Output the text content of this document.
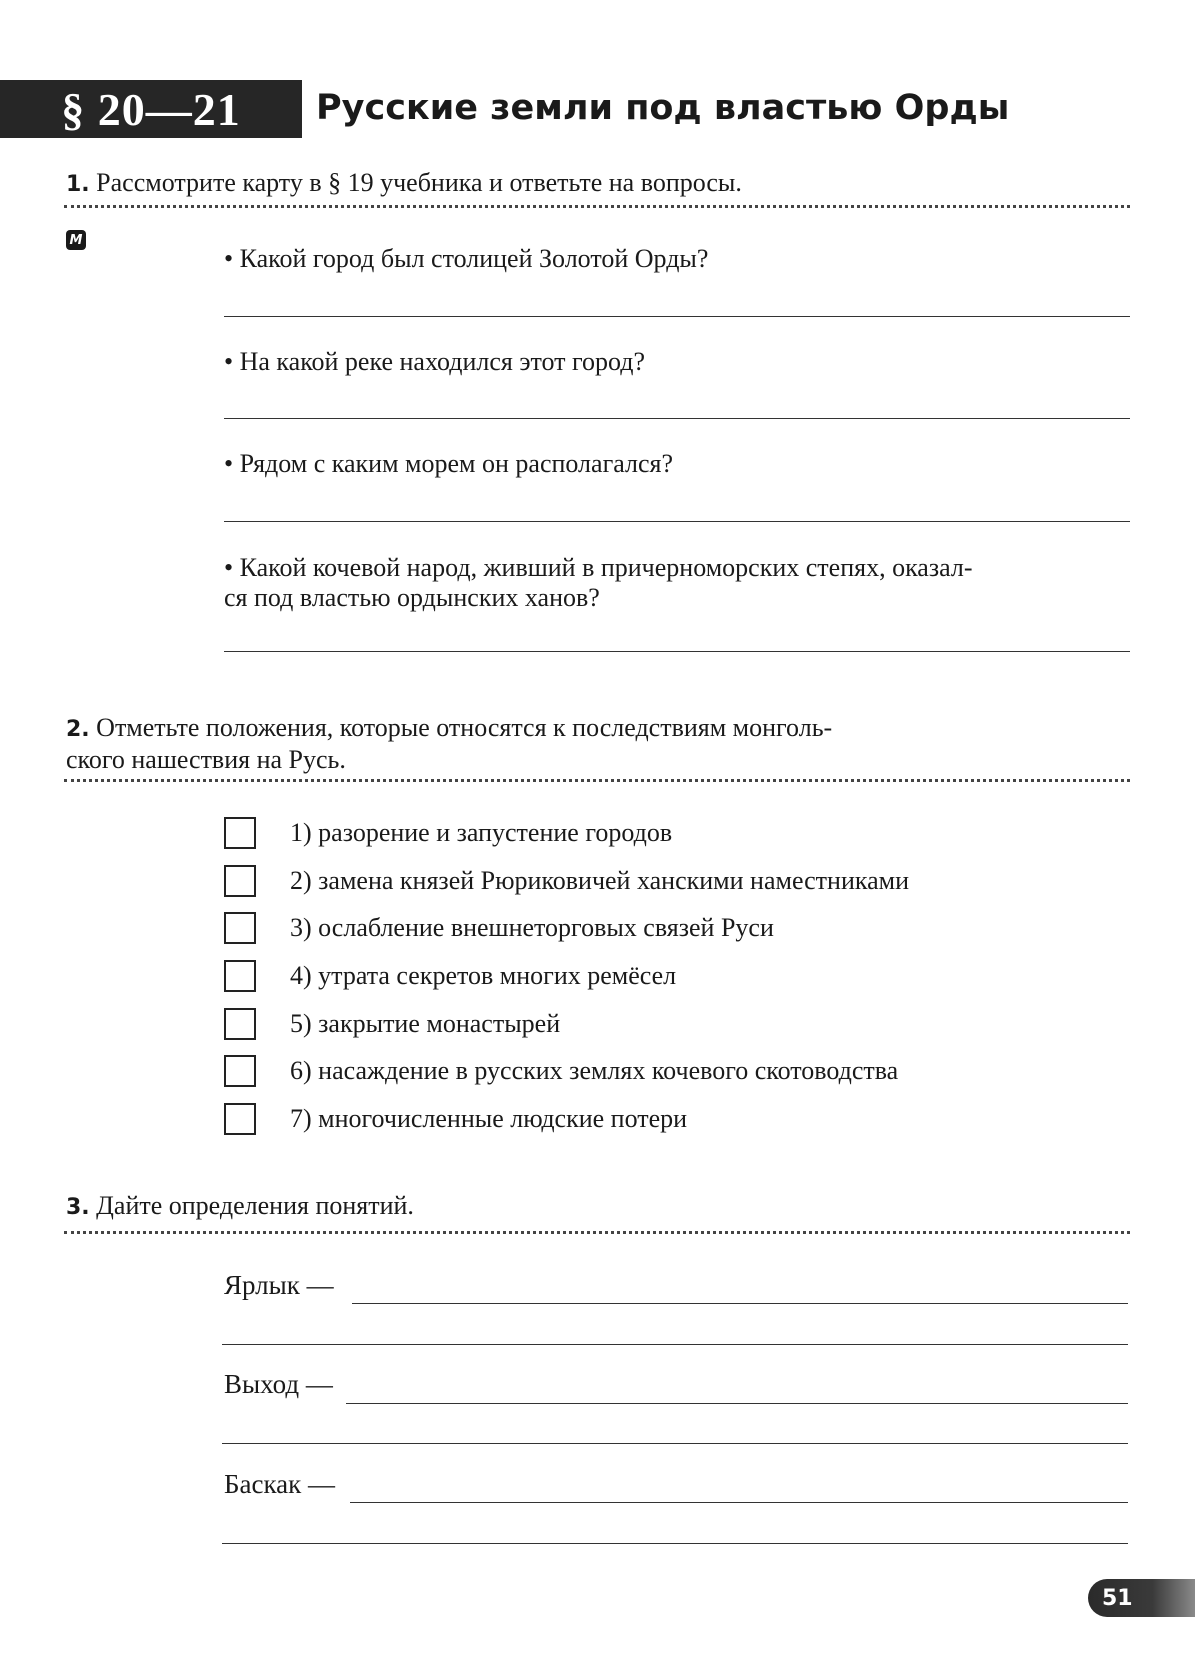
§ 20—21 Русские земли под властью Орды
1. Рассмотрите карту в § 19 учебника и ответьте на вопросы.
M
• Какой город был столицей Золотой Орды?
• На какой реке находился этот город?
• Рядом с каким морем он располагался?
• Какой кочевой народ, живший в причерноморских степях, оказал-
ся под властью ордынских ханов?
2. Отметьте положения, которые относятся к последствиям монголь-
ского нашествия на Русь.
1) разорение и запустение городов
2) замена князей Рюриковичей ханскими наместниками
3) ослабление внешнеторговых связей Руси
4) утрата секретов многих ремёсел
5) закрытие монастырей
6) насаждение в русских землях кочевого скотоводства
7) многочисленные людские потери
3. Дайте определения понятий.
Ярлык —
Выход —
Баскак —
51
